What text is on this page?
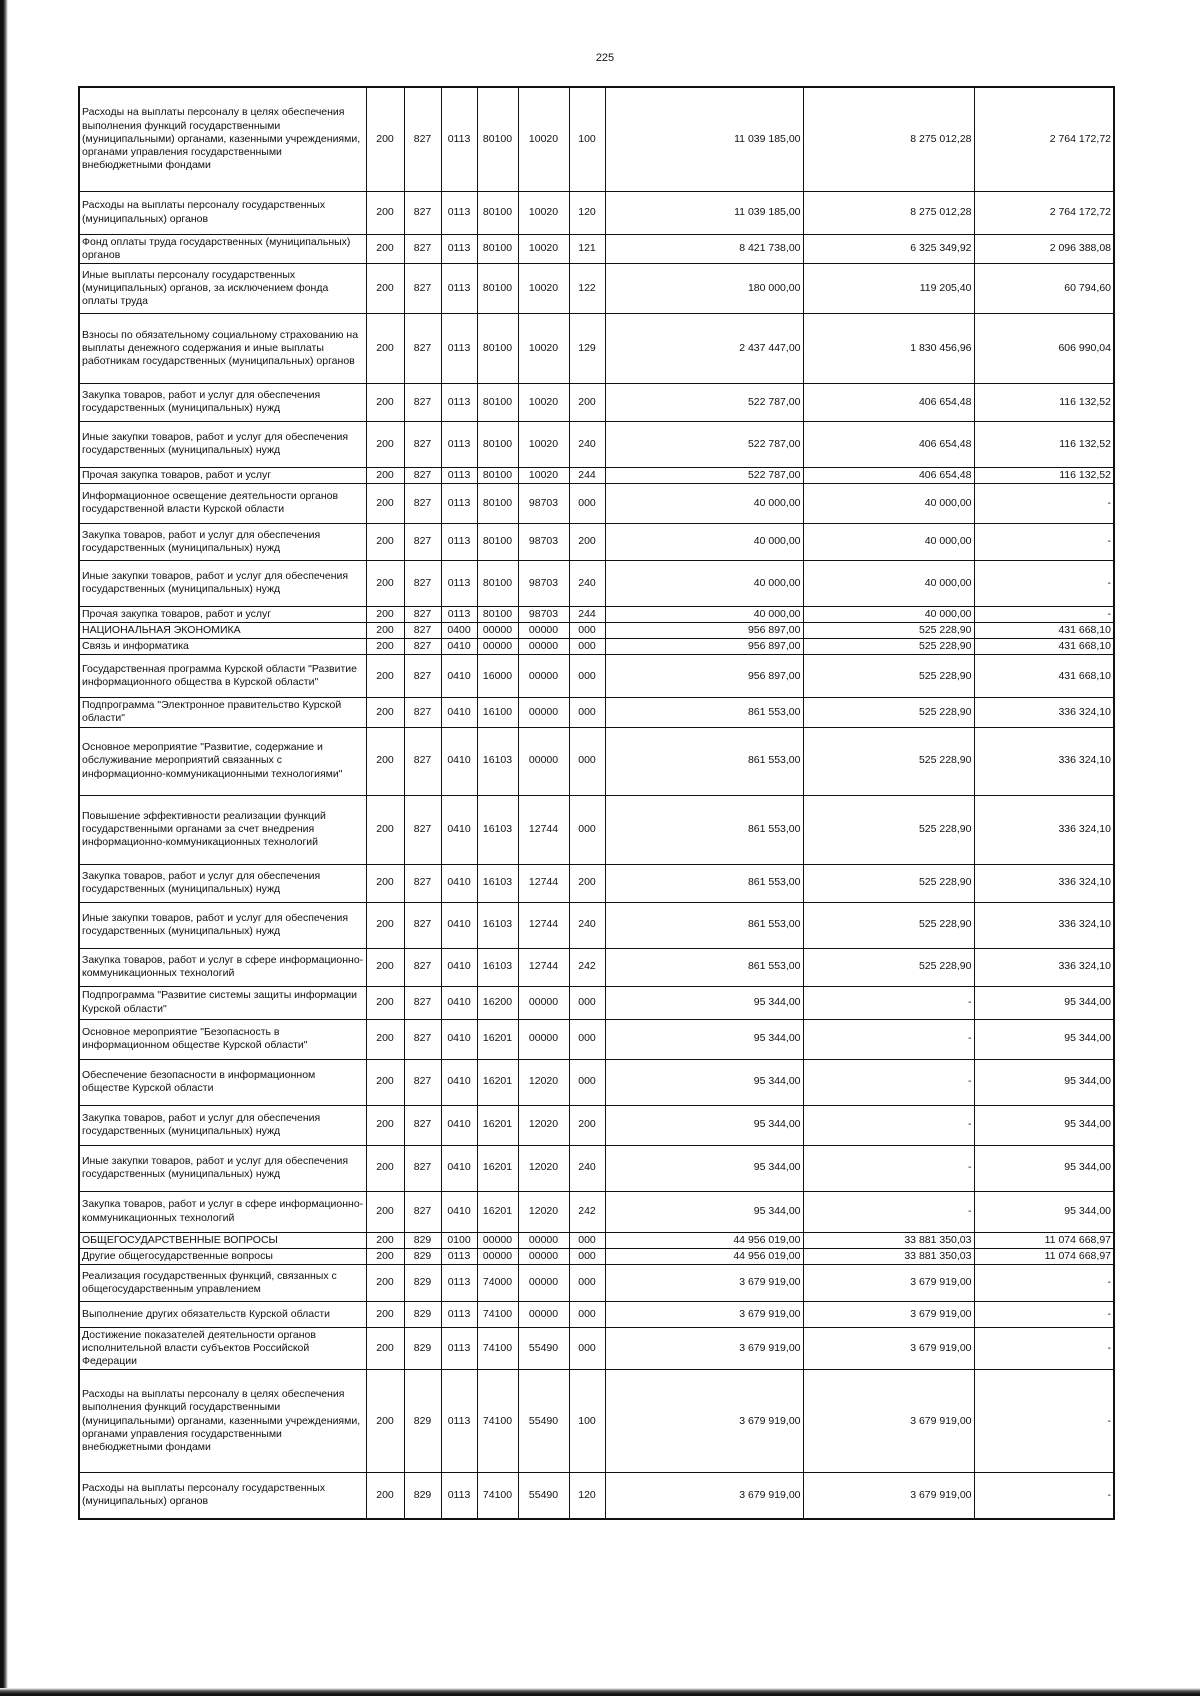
225
Расходы на выплаты персоналу в целях обеспечения выполнения функций государственными (муниципальными) органами, казенными учреждениями, органами управления государственными внебюджетными фондами	200	827	0113	80100	10020	100	11 039 185,00	8 275 012,28	2 764 172,72
Расходы на выплаты персоналу государственных (муниципальных) органов	200	827	0113	80100	10020	120	11 039 185,00	8 275 012,28	2 764 172,72
Фонд оплаты труда государственных (муниципальных) органов	200	827	0113	80100	10020	121	8 421 738,00	6 325 349,92	2 096 388,08
Иные выплаты персоналу государственных (муниципальных) органов, за исключением фонда оплаты труда	200	827	0113	80100	10020	122	180 000,00	119 205,40	60 794,60
Взносы по обязательному социальному страхованию на выплаты денежного содержания и иные выплаты работникам государственных (муниципальных) органов	200	827	0113	80100	10020	129	2 437 447,00	1 830 456,96	606 990,04
Закупка товаров, работ и услуг для обеспечения государственных (муниципальных) нужд	200	827	0113	80100	10020	200	522 787,00	406 654,48	116 132,52
Иные закупки товаров, работ и услуг для обеспечения государственных (муниципальных) нужд	200	827	0113	80100	10020	240	522 787,00	406 654,48	116 132,52
Прочая закупка товаров, работ и услуг	200	827	0113	80100	10020	244	522 787,00	406 654,48	116 132,52
Информационное освещение деятельности органов государственной власти Курской области	200	827	0113	80100	98703	000	40 000,00	40 000,00	-
Закупка товаров, работ и услуг для обеспечения государственных (муниципальных) нужд	200	827	0113	80100	98703	200	40 000,00	40 000,00	-
Иные закупки товаров, работ и услуг для обеспечения государственных (муниципальных) нужд	200	827	0113	80100	98703	240	40 000,00	40 000,00	-
Прочая закупка товаров, работ и услуг	200	827	0113	80100	98703	244	40 000,00	40 000,00	-
НАЦИОНАЛЬНАЯ ЭКОНОМИКА	200	827	0400	00000	00000	000	956 897,00	525 228,90	431 668,10
Связь и информатика	200	827	0410	00000	00000	000	956 897,00	525 228,90	431 668,10
Государственная программа Курской области "Развитие информационного общества в Курской области"	200	827	0410	16000	00000	000	956 897,00	525 228,90	431 668,10
Подпрограмма "Электронное правительство Курской области"	200	827	0410	16100	00000	000	861 553,00	525 228,90	336 324,10
Основное мероприятие "Развитие, содержание и обслуживание мероприятий связанных с информационно-коммуникационными технологиями"	200	827	0410	16103	00000	000	861 553,00	525 228,90	336 324,10
Повышение эффективности реализации функций государственными органами за счет внедрения информационно-коммуникационных технологий	200	827	0410	16103	12744	000	861 553,00	525 228,90	336 324,10
Закупка товаров, работ и услуг для обеспечения государственных (муниципальных) нужд	200	827	0410	16103	12744	200	861 553,00	525 228,90	336 324,10
Иные закупки товаров, работ и услуг для обеспечения государственных (муниципальных) нужд	200	827	0410	16103	12744	240	861 553,00	525 228,90	336 324,10
Закупка товаров, работ и услуг в сфере информационно-коммуникационных технологий	200	827	0410	16103	12744	242	861 553,00	525 228,90	336 324,10
Подпрограмма "Развитие системы защиты информации Курской области"	200	827	0410	16200	00000	000	95 344,00	-	95 344,00
Основное мероприятие "Безопасность в информационном обществе Курской области"	200	827	0410	16201	00000	000	95 344,00	-	95 344,00
Обеспечение безопасности в информационном обществе Курской области	200	827	0410	16201	12020	000	95 344,00	-	95 344,00
Закупка товаров, работ и услуг для обеспечения государственных (муниципальных) нужд	200	827	0410	16201	12020	200	95 344,00	-	95 344,00
Иные закупки товаров, работ и услуг для обеспечения государственных (муниципальных) нужд	200	827	0410	16201	12020	240	95 344,00	-	95 344,00
Закупка товаров, работ и услуг в сфере информационно-коммуникационных технологий	200	827	0410	16201	12020	242	95 344,00	-	95 344,00
ОБЩЕГОСУДАРСТВЕННЫЕ ВОПРОСЫ	200	829	0100	00000	00000	000	44 956 019,00	33 881 350,03	11 074 668,97
Другие общегосударственные вопросы	200	829	0113	00000	00000	000	44 956 019,00	33 881 350,03	11 074 668,97
Реализация государственных функций, связанных с общегосударственным управлением	200	829	0113	74000	00000	000	3 679 919,00	3 679 919,00	-
Выполнение других обязательств Курской области	200	829	0113	74100	00000	000	3 679 919,00	3 679 919,00	-
Достижение показателей деятельности органов исполнительной власти субъектов Российской Федерации	200	829	0113	74100	55490	000	3 679 919,00	3 679 919,00	-
Расходы на выплаты персоналу в целях обеспечения выполнения функций государственными (муниципальными) органами, казенными учреждениями, органами управления государственными внебюджетными фондами	200	829	0113	74100	55490	100	3 679 919,00	3 679 919,00	-
Расходы на выплаты персоналу государственных (муниципальных) органов	200	829	0113	74100	55490	120	3 679 919,00	3 679 919,00	-
